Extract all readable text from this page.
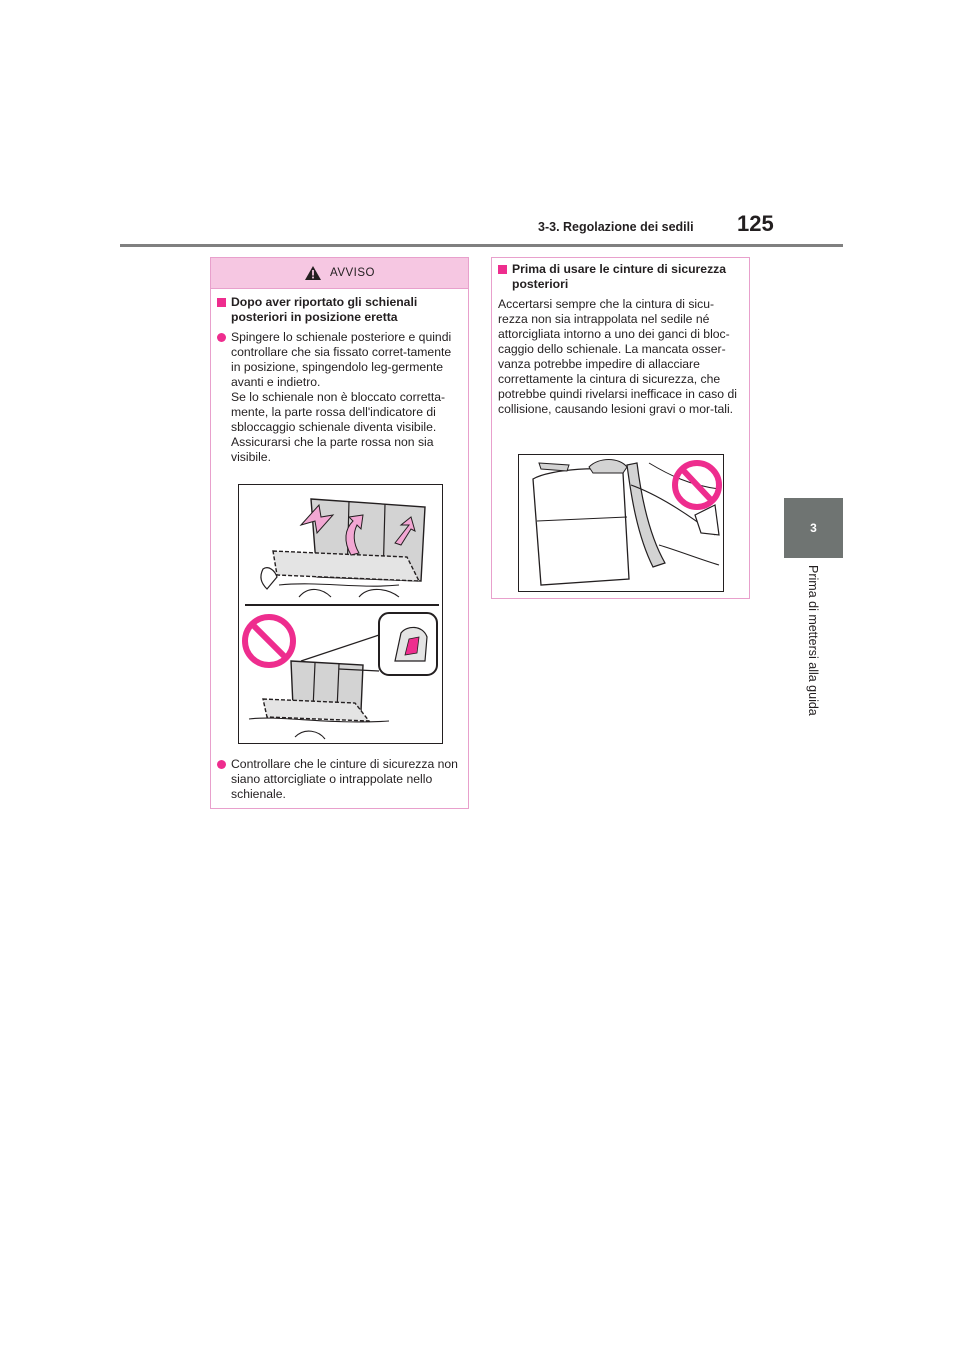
3-3. Regolazione dei sedili 125
3
Prima di mettersi alla guida
AVVISO
Dopo aver riportato gli schienali posteriori in posizione eretta
Spingere lo schienale posteriore e quindi controllare che sia fissato corret-tamente in posizione, spingendolo leg-germente avanti e indietro.
Se lo schienale non è bloccato corretta-mente, la parte rossa dell'indicatore di sbloccaggio schienale diventa visibile. Assicurarsi che la parte rossa non sia visibile.
Controllare che le cinture di sicurezza non siano attorcigliate o intrappolate nello schienale.
Prima di usare le cinture di sicurezza posteriori
Accertarsi sempre che la cintura di sicu-rezza non sia intrappolata nel sedile né attorcigliata intorno a uno dei ganci di bloc-caggio dello schienale. La mancata osser-vanza potrebbe impedire di allacciare correttamente la cintura di sicurezza, che potrebbe quindi rivelarsi inefficace in caso di collisione, causando lesioni gravi o mor-tali.
